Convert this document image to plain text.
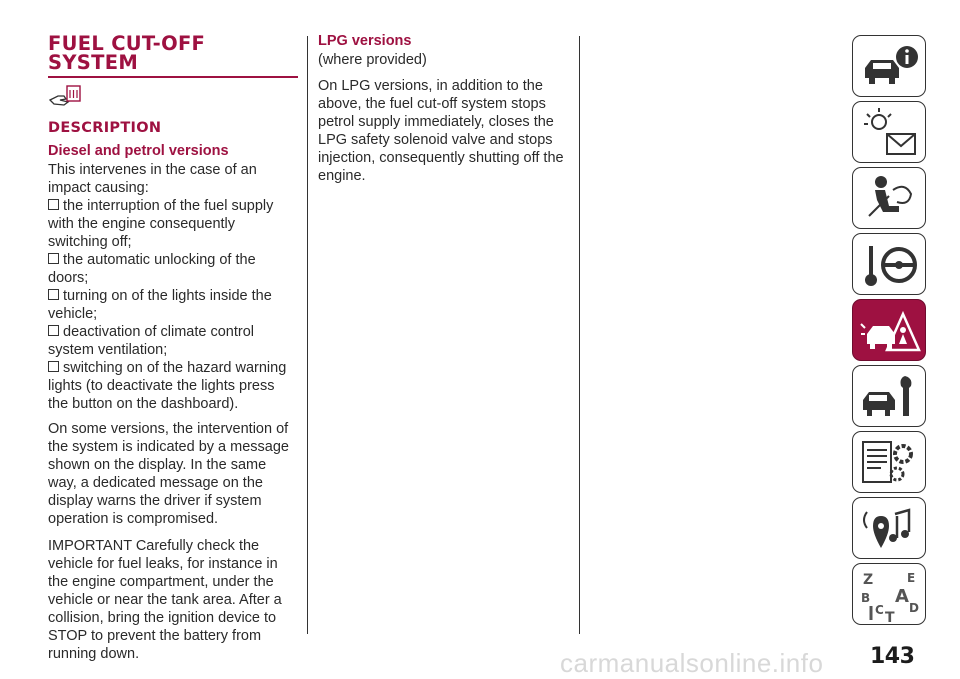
FUEL CUT-OFF
SYSTEM
DESCRIPTION
Diesel and petrol versions

This intervenes in the case of an impact causing:

the interruption of the fuel supply with the engine consequently switching off;
the automatic unlocking of the doors;
turning on of the lights inside the vehicle;
deactivation of climate control system ventilation;
switching on of the hazard warning lights (to deactivate the lights press the button on the dashboard).

On some versions, the intervention of the system is indicated by a message shown on the display. In the same way, a dedicated message on the display warns the driver if system operation is compromised.

IMPORTANT Carefully check the vehicle for fuel leaks, for instance in the engine compartment, under the vehicle or near the tank area. After a collision, bring the ignition device to STOP to prevent the battery from running down.

LPG versions

(where provided)

On LPG versions, in addition to the above, the fuel cut-off system stops petrol supply immediately, closes the LPG safety solenoid valve and stops injection, consequently shutting off the engine.

Z	E
B A
C D
T
carmanualsonline.info 143
